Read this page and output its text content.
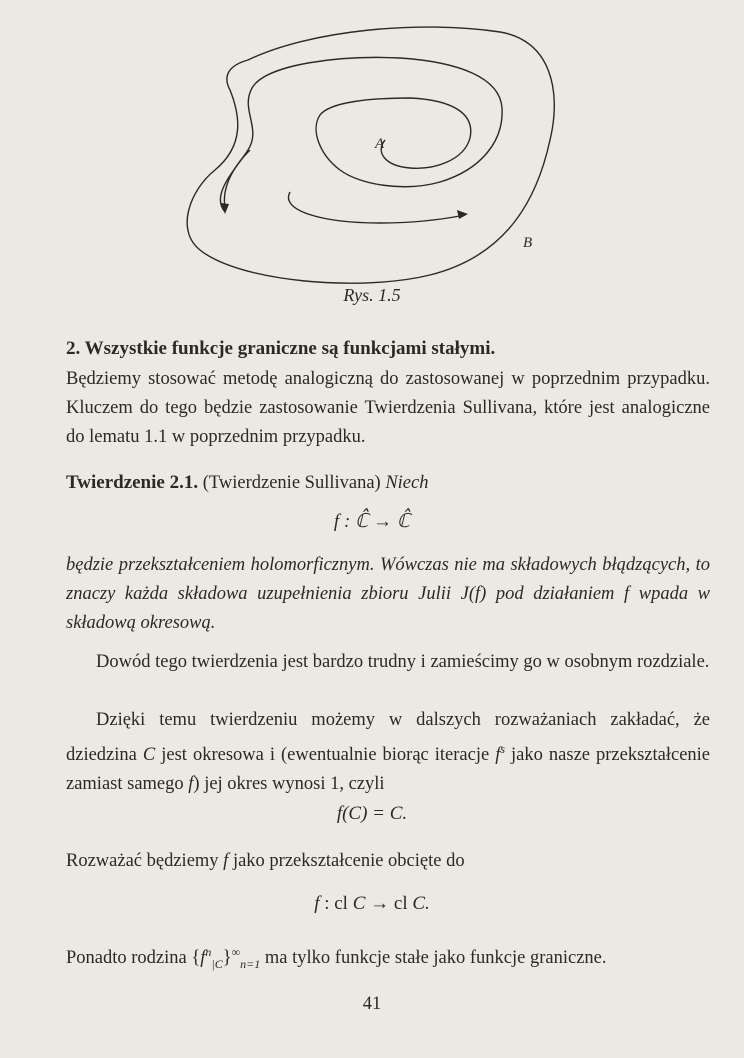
A
B
Rys. 1.5

2. Wszystkie funkcje graniczne są funkcjami stałymi.

Będziemy stosować metodę analogiczną do zastosowanej w poprzednim przypadku. Kluczem do tego będzie zastosowanie Twierdzenia Sullivana, które jest analogiczne do lematu 1.1 w poprzednim przypadku.

Twierdzenie 2.1. (Twierdzenie Sullivana) Niech

f : ℂ̂ → ℂ̂

będzie przekształceniem holomorficznym. Wówczas nie ma składowych błądzących, to znaczy każda składowa uzupełnienia zbioru Julii J(f) pod działaniem f wpada w składową okresową.

Dowód tego twierdzenia jest bardzo trudny i zamieścimy go w osobnym rozdziale.

Dzięki temu twierdzeniu możemy w dalszych rozważaniach zakładać, że dziedzina C jest okresowa i (ewentualnie biorąc iteracje $f^s$ jako nasze przekształcenie zamiast samego f) jej okres wynosi 1, czyli

f(C) = C.

Rozważać będziemy f jako przekształcenie obcięte do

f : cl C → cl C.

Ponadto rodzina $\{f^n_{|C}\}^\infty_{n=1}$ ma tylko funkcje stałe jako funkcje graniczne.

41
